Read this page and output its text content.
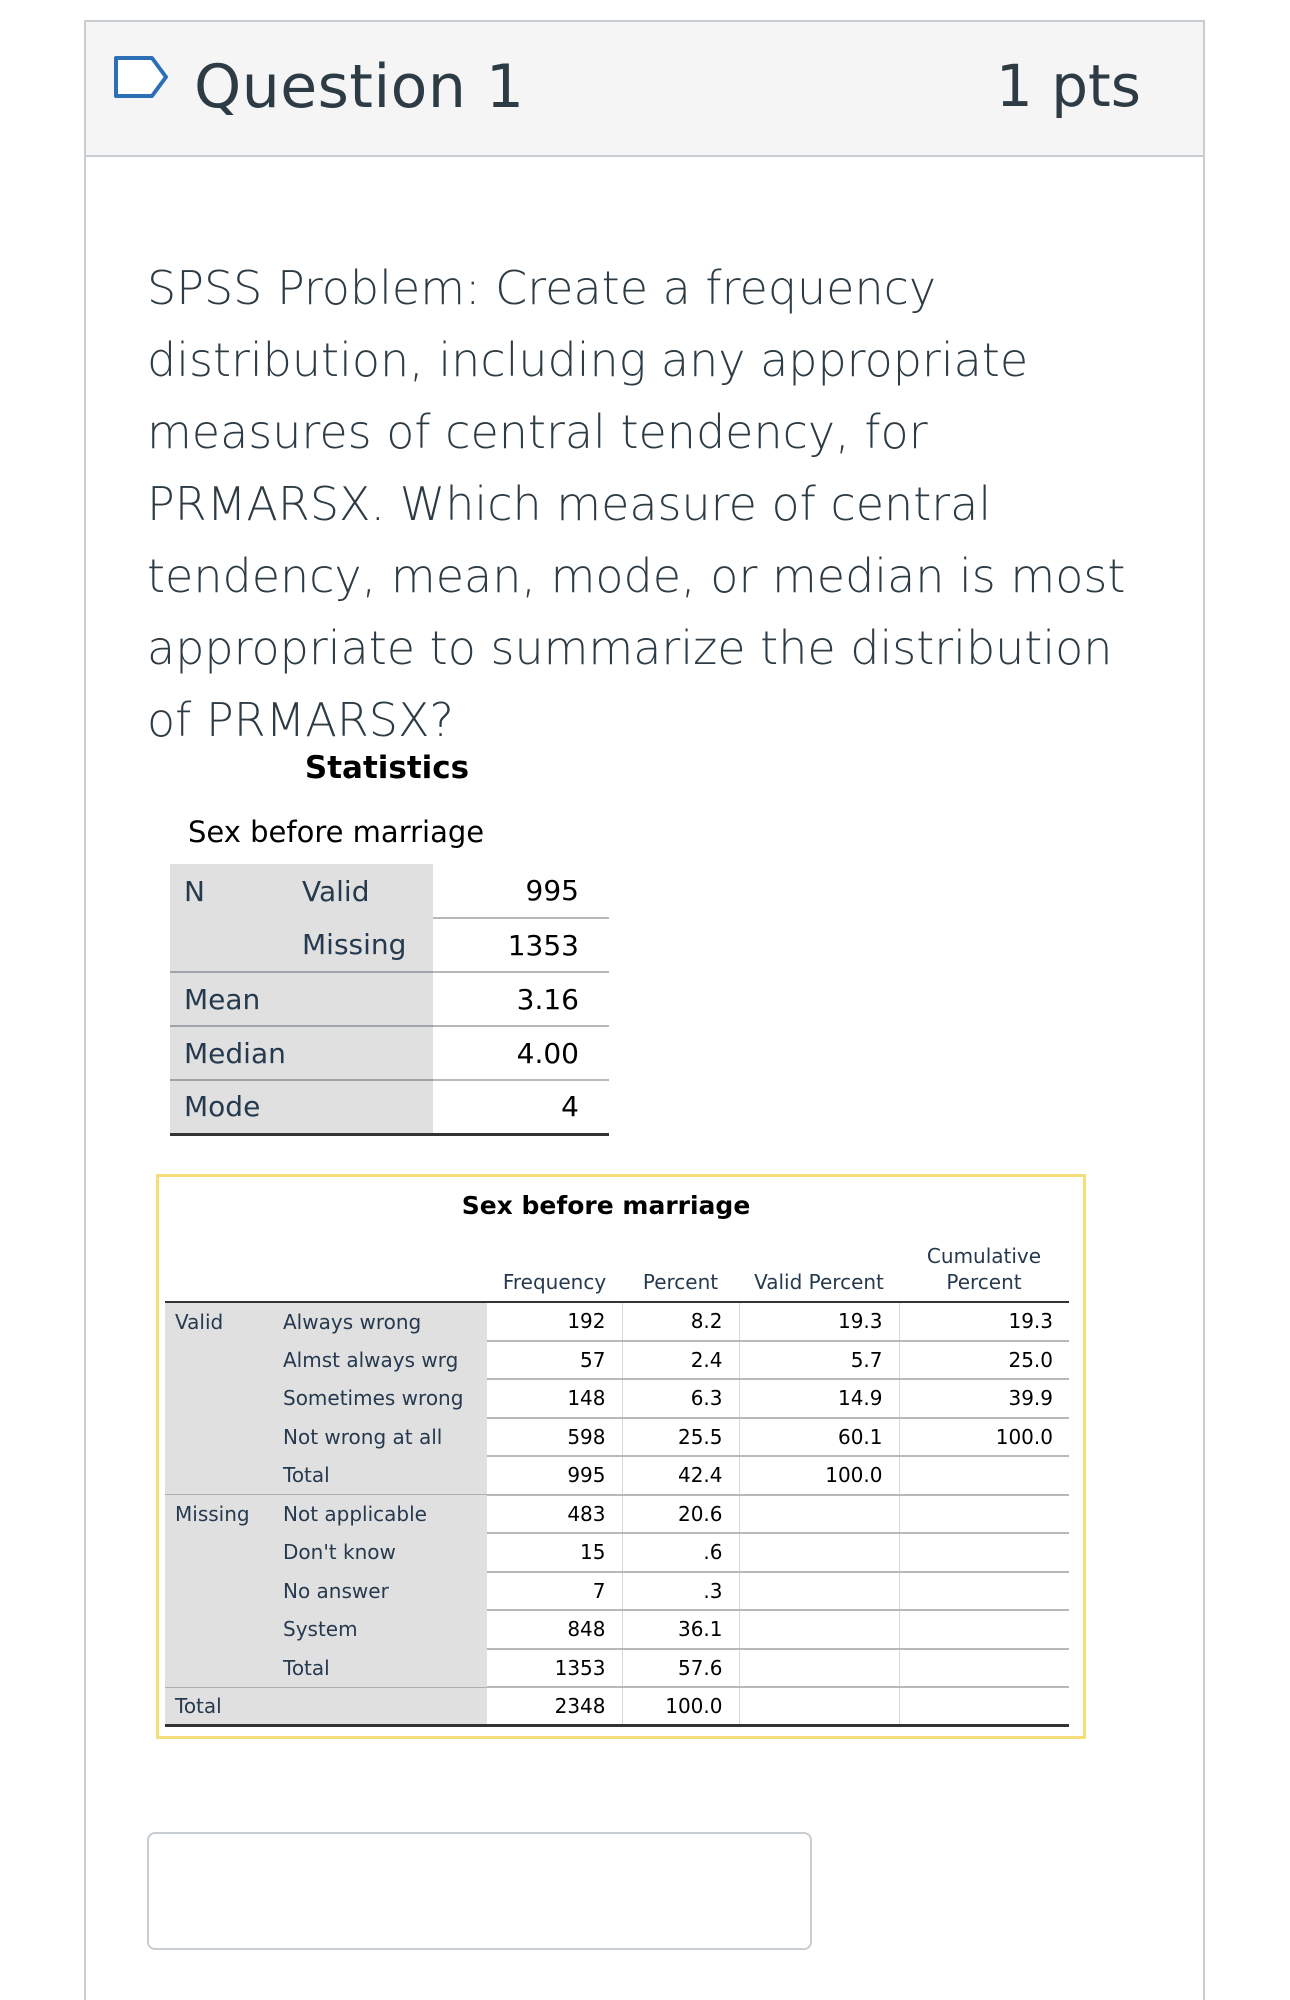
Question 1	1 pts
SPSS Problem: Create a frequency distribution, including any appropriate measures of central tendency, for PRMARSX. Which measure of central tendency, mean, mode, or median is most appropriate to summarize the distribution of PRMARSX?
Statistics
Sex before marriage
N	Valid	995
	Missing	1353
Mean		3.16
Median		4.00
Mode		4
Sex before marriage
		Frequency	Percent	Valid Percent	Cumulative Percent
Valid	Always wrong	192	8.2	19.3	19.3
	Almst always wrg	57	2.4	5.7	25.0
	Sometimes wrong	148	6.3	14.9	39.9
	Not wrong at all	598	25.5	60.1	100.0
	Total	995	42.4	100.0	
Missing	Not applicable	483	20.6		
	Don't know	15	.6		
	No answer	7	.3		
	System	848	36.1		
	Total	1353	57.6		
Total		2348	100.0		
